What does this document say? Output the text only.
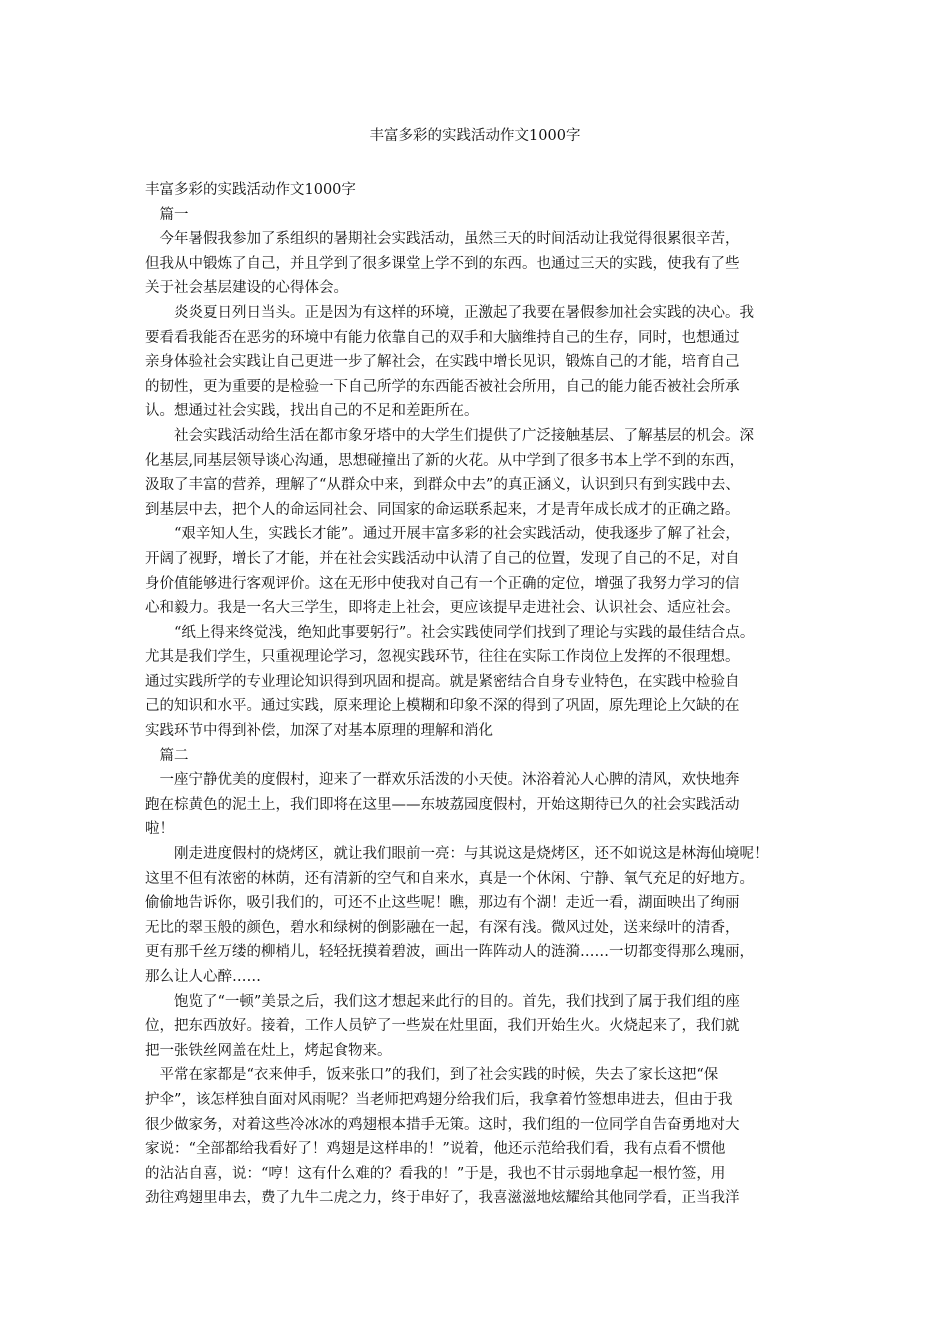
丰富多彩的实践活动作文1000字
丰富多彩的实践活动作文1000字
　篇一
　今年暑假我参加了系组织的暑期社会实践活动，虽然三天的时间活动让我觉得很累很辛苦，
但我从中锻炼了自己，并且学到了很多课堂上学不到的东西。也通过三天的实践，使我有了些
关于社会基层建设的心得体会。
　　炎炎夏日列日当头。正是因为有这样的环境，正激起了我要在暑假参加社会实践的决心。我
要看看我能否在恶劣的环境中有能力依靠自己的双手和大脑维持自己的生存，同时，也想通过
亲身体验社会实践让自己更进一步了解社会，在实践中增长见识，锻炼自己的才能，培育自己
的韧性，更为重要的是检验一下自己所学的东西能否被社会所用，自己的能力能否被社会所承
认。想通过社会实践，找出自己的不足和差距所在。
　　社会实践活动给生活在都市象牙塔中的大学生们提供了广泛接触基层、了解基层的机会。深
化基层,同基层领导谈心沟通，思想碰撞出了新的火花。从中学到了很多书本上学不到的东西，
汲取了丰富的营养，理解了“从群众中来，到群众中去”的真正涵义，认识到只有到实践中去、
到基层中去，把个人的命运同社会、同国家的命运联系起来，才是青年成长成才的正确之路。
　　“艰辛知人生，实践长才能”。通过开展丰富多彩的社会实践活动，使我逐步了解了社会，
开阔了视野，增长了才能，并在社会实践活动中认清了自己的位置，发现了自己的不足，对自
身价值能够进行客观评价。这在无形中使我对自己有一个正确的定位，增强了我努力学习的信
心和毅力。我是一名大三学生，即将走上社会，更应该提早走进社会、认识社会、适应社会。
　　“纸上得来终觉浅，绝知此事要躬行”。社会实践使同学们找到了理论与实践的最佳结合点。
尤其是我们学生，只重视理论学习，忽视实践环节，往往在实际工作岗位上发挥的不很理想。
通过实践所学的专业理论知识得到巩固和提高。就是紧密结合自身专业特色，在实践中检验自
己的知识和水平。通过实践，原来理论上模糊和印象不深的得到了巩固，原先理论上欠缺的在
实践环节中得到补偿，加深了对基本原理的理解和消化
　篇二
　一座宁静优美的度假村，迎来了一群欢乐活泼的小天使。沐浴着沁人心脾的清风，欢快地奔
跑在棕黄色的泥土上，我们即将在这里——东坡荔园度假村，开始这期待已久的社会实践活动
啦！
　　刚走进度假村的烧烤区，就让我们眼前一亮：与其说这是烧烤区，还不如说这是林海仙境呢！
这里不但有浓密的林荫，还有清新的空气和自来水，真是一个休闲、宁静、氧气充足的好地方。
偷偷地告诉你，吸引我们的，可还不止这些呢！瞧，那边有个湖！走近一看，湖面映出了绚丽
无比的翠玉般的颜色，碧水和绿树的倒影融在一起，有深有浅。微风过处，送来绿叶的清香，
更有那千丝万缕的柳梢儿，轻轻抚摸着碧波，画出一阵阵动人的涟漪……一切都变得那么瑰丽，
那么让人心醉……
　　饱览了“一顿”美景之后，我们这才想起来此行的目的。首先，我们找到了属于我们组的座
位，把东西放好。接着，工作人员铲了一些炭在灶里面，我们开始生火。火烧起来了，我们就
把一张铁丝网盖在灶上，烤起食物来。
　平常在家都是“衣来伸手，饭来张口”的我们，到了社会实践的时候，失去了家长这把“保
护伞”，该怎样独自面对风雨呢？当老师把鸡翅分给我们后，我拿着竹签想串进去，但由于我
很少做家务，对着这些冷冰冰的鸡翅根本措手无策。这时，我们组的一位同学自告奋勇地对大
家说：“全部都给我看好了！鸡翅是这样串的！”说着，他还示范给我们看，我有点看不惯他
的沾沾自喜，说：“哼！这有什么难的？看我的！”于是，我也不甘示弱地拿起一根竹签，用
劲往鸡翅里串去，费了九牛二虎之力，终于串好了，我喜滋滋地炫耀给其他同学看，正当我洋
